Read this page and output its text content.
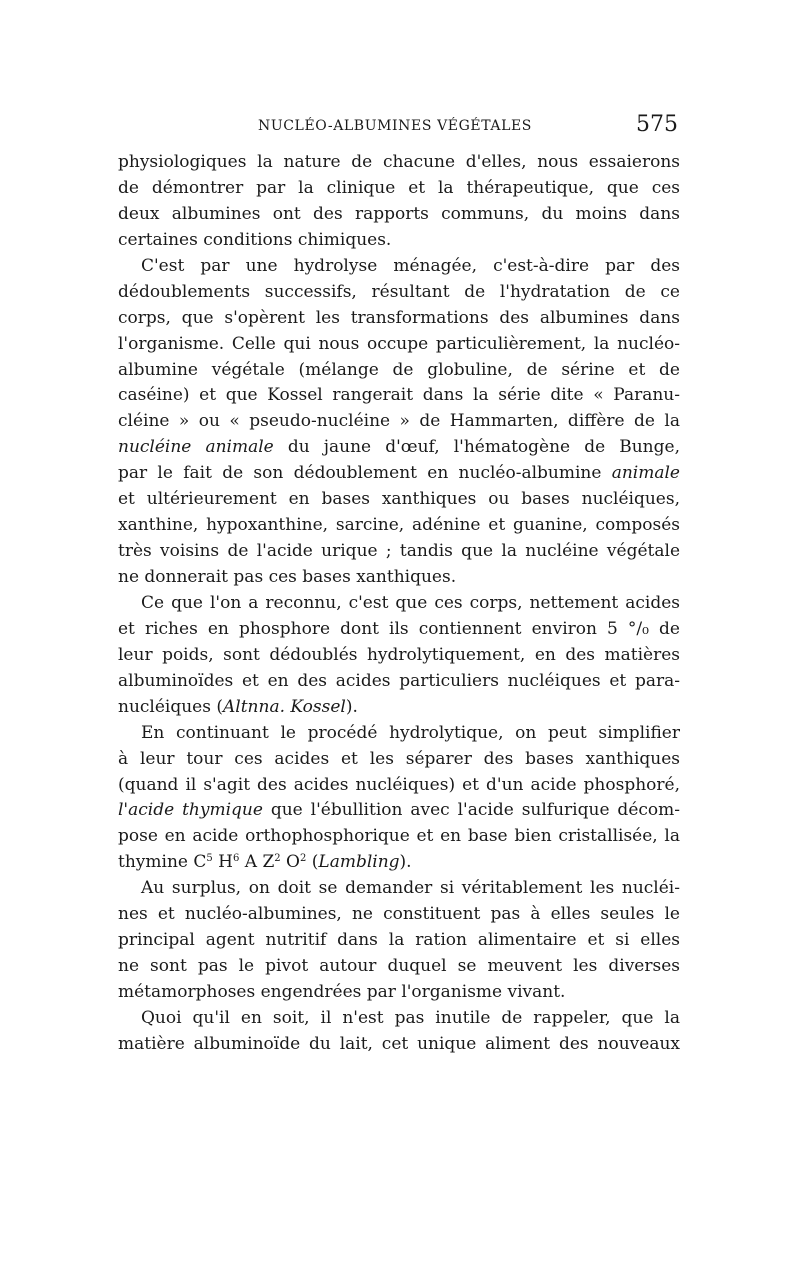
NUCLÉO-ALBUMINES VÉGÉTALES	575
physiologiques la nature de chacune d'elles, nous essaierons
de démontrer par la clinique et la thérapeutique, que ces
deux albumines ont des rapports communs, du moins dans
certaines conditions chimiques.
C'est par une hydrolyse ménagée, c'est-à-dire par des
dédoublements successifs, résultant de l'hydratation de ce
corps, que s'opèrent les transformations des albumines dans
l'organisme. Celle qui nous occupe particulièrement, la nucléo-
albumine végétale (mélange de globuline, de sérine et de
caséine) et que Kossel rangerait dans la série dite « Paranu-
cléine » ou « pseudo-nucléine » de Hammarten, diffère de la
nucléine animale du jaune d'œuf, l'hématogène de Bunge,
par le fait de son dédoublement en nucléo-albumine animale
et ultérieurement en bases xanthiques ou bases nucléiques,
xanthine, hypoxanthine, sarcine, adénine et guanine, composés
très voisins de l'acide urique ; tandis que la nucléine végétale
ne donnerait pas ces bases xanthiques.
Ce que l'on a reconnu, c'est que ces corps, nettement acides
et riches en phosphore dont ils contiennent environ 5 °/₀ de
leur poids, sont dédoublés hydrolytiquement, en des matières
albuminoïdes et en des acides particuliers nucléiques et para-
nucléiques (Altnna. Kossel).
En continuant le procédé hydrolytique, on peut simplifier
à leur tour ces acides et les séparer des bases xanthiques
(quand il s'agit des acides nucléiques) et d'un acide phosphoré,
l'acide thymique que l'ébullition avec l'acide sulfurique décom-
pose en acide orthophosphorique et en base bien cristallisée, la
thymine $C^5$ $H^6$ A $Z^2$ $O^2$ (Lambling).
Au surplus, on doit se demander si véritablement les nucléi-
nes et nucléo-albumines, ne constituent pas à elles seules le
principal agent nutritif dans la ration alimentaire et si elles
ne sont pas le pivot autour duquel se meuvent les diverses
métamorphoses engendrées par l'organisme vivant.
Quoi qu'il en soit, il n'est pas inutile de rappeler, que la
matière albuminoïde du lait, cet unique aliment des nouveaux
